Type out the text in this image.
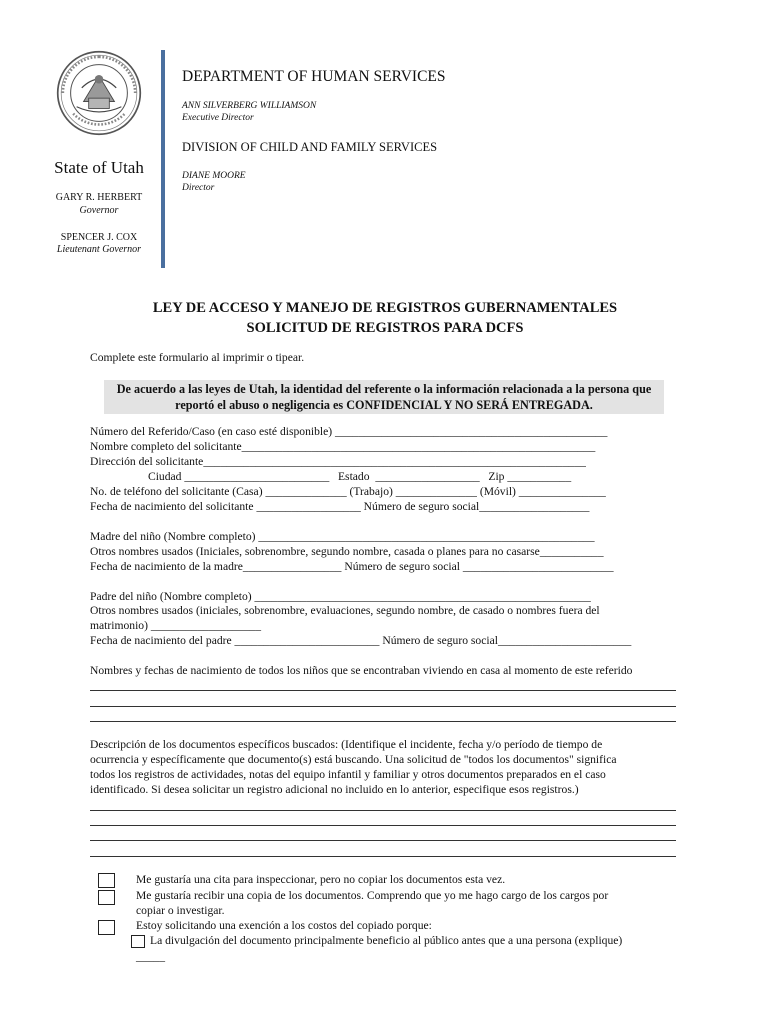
State of Utah
GARY R. HERBERT
Governor
SPENCER J. COX
Lieutenant Governor
DEPARTMENT OF HUMAN SERVICES
ANN SILVERBERG WILLIAMSON
Executive Director
DIVISION OF CHILD AND FAMILY SERVICES
DIANE MOORE
Director
LEY DE ACCESO Y MANEJO DE REGISTROS GUBERNAMENTALES
SOLICITUD DE REGISTROS PARA DCFS
Complete este formulario al imprimir o tipear.
De acuerdo a las leyes de Utah, la identidad del referente o la información relacionada a la persona que
reportó el abuso o negligencia es CONFIDENCIAL Y NO SERÁ ENTREGADA.
Número del Referido/Caso (en caso esté disponible) _______________________________________________
Nombre completo del solicitante_____________________________________________________________
Dirección del solicitante__________________________________________________________________
Ciudad _________________________   Estado  __________________   Zip ___________
No. de teléfono del solicitante (Casa) ______________ (Trabajo) ______________ (Móvil) _______________
Fecha de nacimiento del solicitante __________________ Número de seguro social___________________
Madre del niño (Nombre completo) __________________________________________________________
Otros nombres usados (Iniciales, sobrenombre, segundo nombre, casada o planes para no casarse___________
Fecha de nacimiento de la madre_________________ Número de seguro social __________________________
Padre del niño (Nombre completo) __________________________________________________________
Otros nombres usados (iniciales, sobrenombre, evaluaciones, segundo nombre, de casado o nombres fuera del
matrimonio) ___________________
Fecha de nacimiento del padre _________________________ Número de seguro social_______________________
Nombres y fechas de nacimiento de todos los niños que se encontraban viviendo en casa al momento de este referido
Descripción de los documentos específicos buscados: (Identifique el incidente, fecha y/o período de tiempo de
ocurrencia y específicamente que documento(s) está buscando. Una solicitud de "todos los documentos" significa
todos los registros de actividades, notas del equipo infantil y familiar y otros documentos preparados en el caso
identificado. Si desea solicitar un registro adicional no incluido en lo anterior, especifique esos registros.)
Me gustaría una cita para inspeccionar, pero no copiar los documentos esta vez.
Me gustaría recibir una copia de los documentos. Comprendo que yo me hago cargo de los cargos por
copiar o investigar.
Estoy solicitando una exención a los costos del copiado porque:
La divulgación del documento principalmente beneficio al público antes que a una persona (explique)
_____
